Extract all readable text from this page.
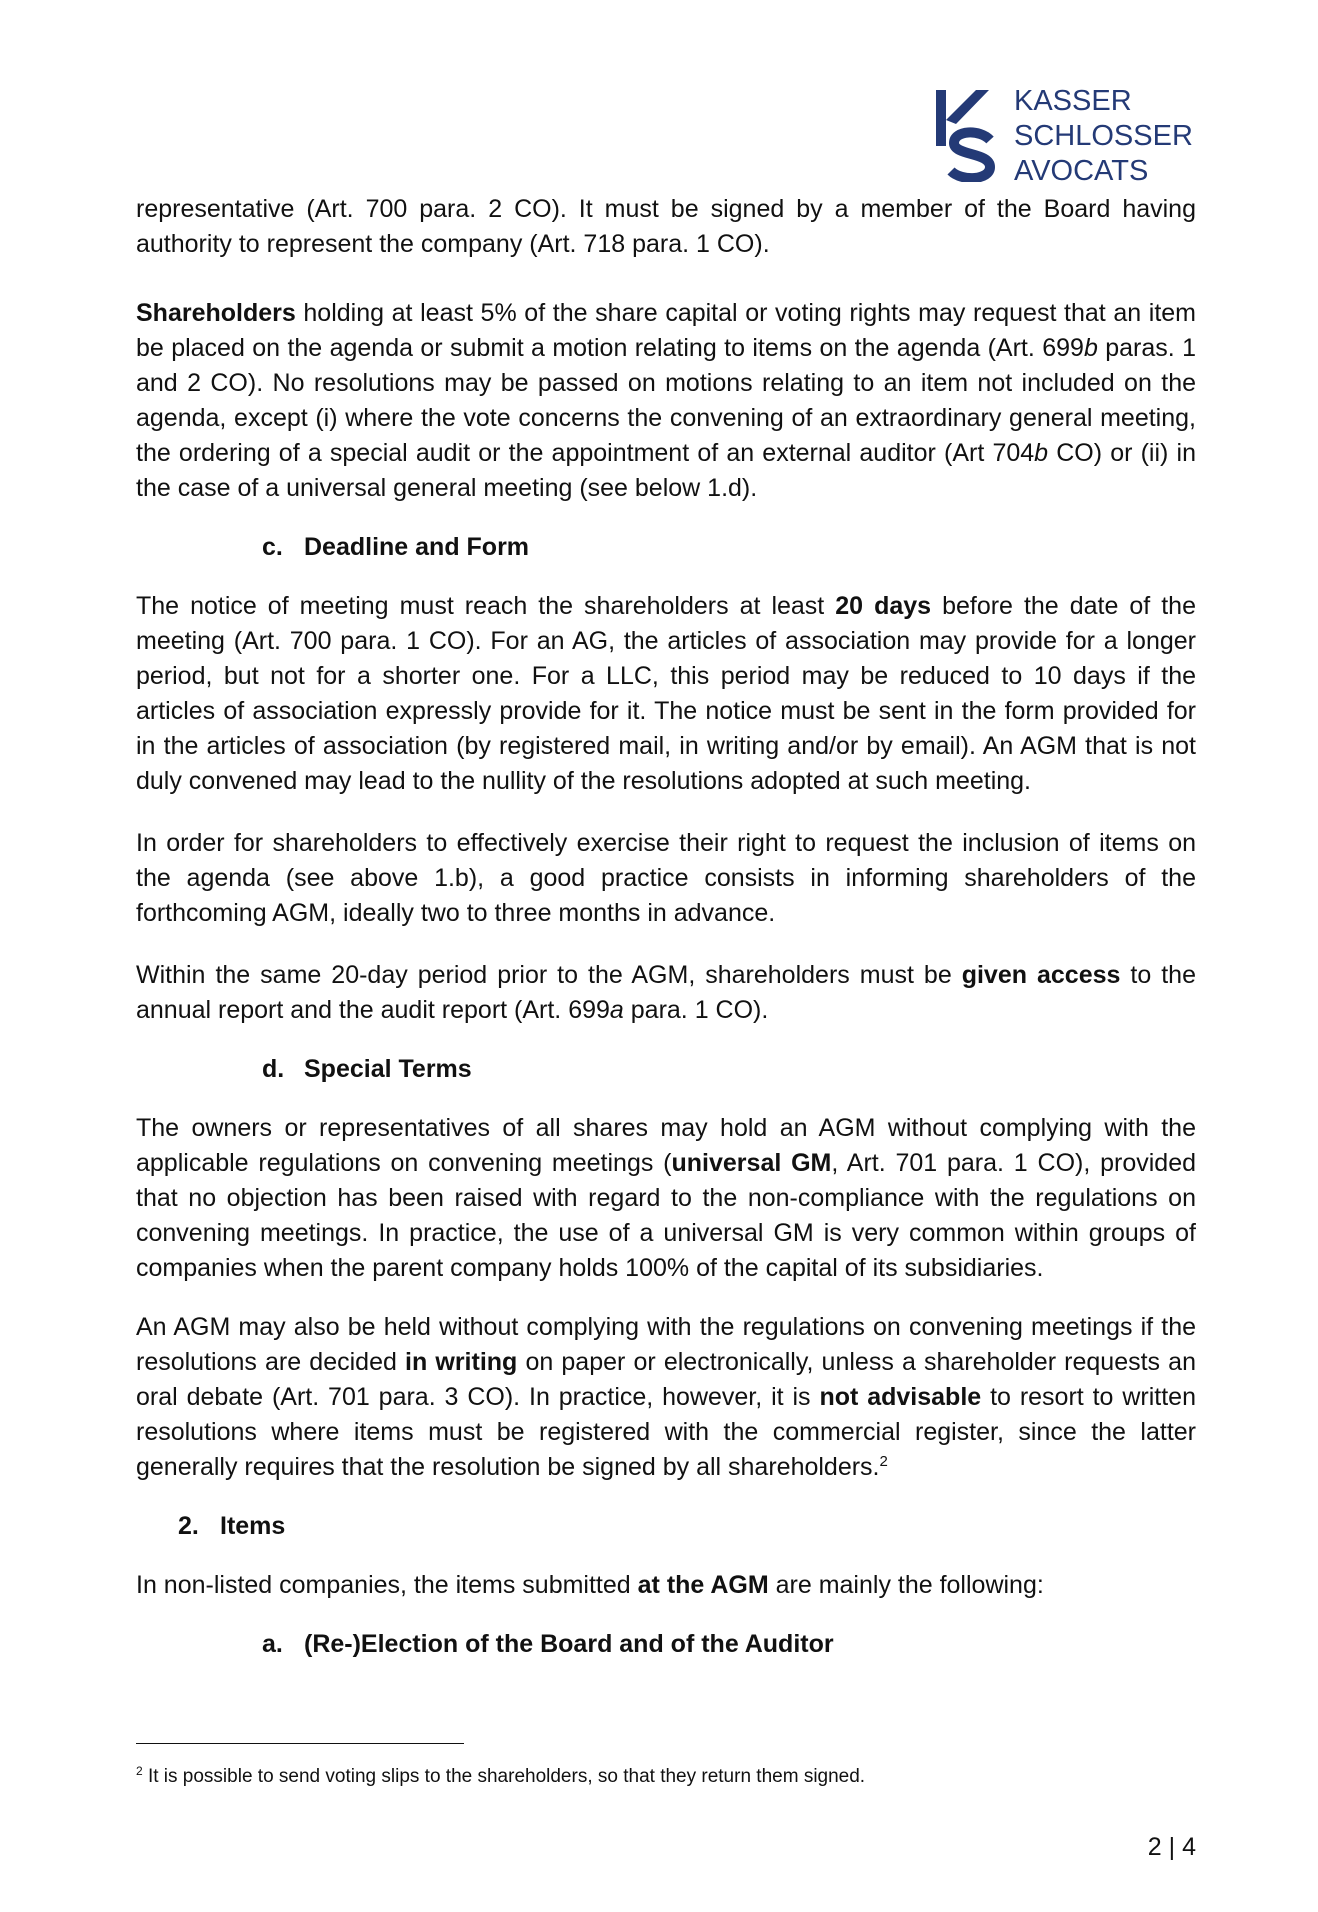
KASSER
SCHLOSSER
AVOCATS

representative (Art. 700 para. 2 CO). It must be signed by a member of the Board having authority to represent the company (Art. 718 para. 1 CO).

Shareholders holding at least 5% of the share capital or voting rights may request that an item be placed on the agenda or submit a motion relating to items on the agenda (Art. 699b paras. 1 and 2 CO). No resolutions may be passed on motions relating to an item not included on the agenda, except (i) where the vote concerns the convening of an extraordinary general meeting, the ordering of a special audit or the appointment of an external auditor (Art 704b CO) or (ii) in the case of a universal general meeting (see below 1.d).

c. Deadline and Form

The notice of meeting must reach the shareholders at least 20 days before the date of the meeting (Art. 700 para. 1 CO). For an AG, the articles of association may provide for a longer period, but not for a shorter one. For a LLC, this period may be reduced to 10 days if the articles of association expressly provide for it. The notice must be sent in the form provided for in the articles of association (by registered mail, in writing and/or by email). An AGM that is not duly convened may lead to the nullity of the resolutions adopted at such meeting.

In order for shareholders to effectively exercise their right to request the inclusion of items on the agenda (see above 1.b), a good practice consists in informing shareholders of the forthcoming AGM, ideally two to three months in advance.

Within the same 20-day period prior to the AGM, shareholders must be given access to the annual report and the audit report (Art. 699a para. 1 CO).

d. Special Terms

The owners or representatives of all shares may hold an AGM without complying with the applicable regulations on convening meetings (universal GM, Art. 701 para. 1 CO), provided that no objection has been raised with regard to the non-compliance with the regulations on convening meetings. In practice, the use of a universal GM is very common within groups of companies when the parent company holds 100% of the capital of its subsidiaries.

An AGM may also be held without complying with the regulations on convening meetings if the resolutions are decided in writing on paper or electronically, unless a shareholder requests an oral debate (Art. 701 para. 3 CO). In practice, however, it is not advisable to resort to written resolutions where items must be registered with the commercial register, since the latter generally requires that the resolution be signed by all shareholders.$^2$

2. Items

In non-listed companies, the items submitted at the AGM are mainly the following:

a. (Re-)Election of the Board and of the Auditor
$^2$ It is possible to send voting slips to the shareholders, so that they return them signed.
2 | 4
